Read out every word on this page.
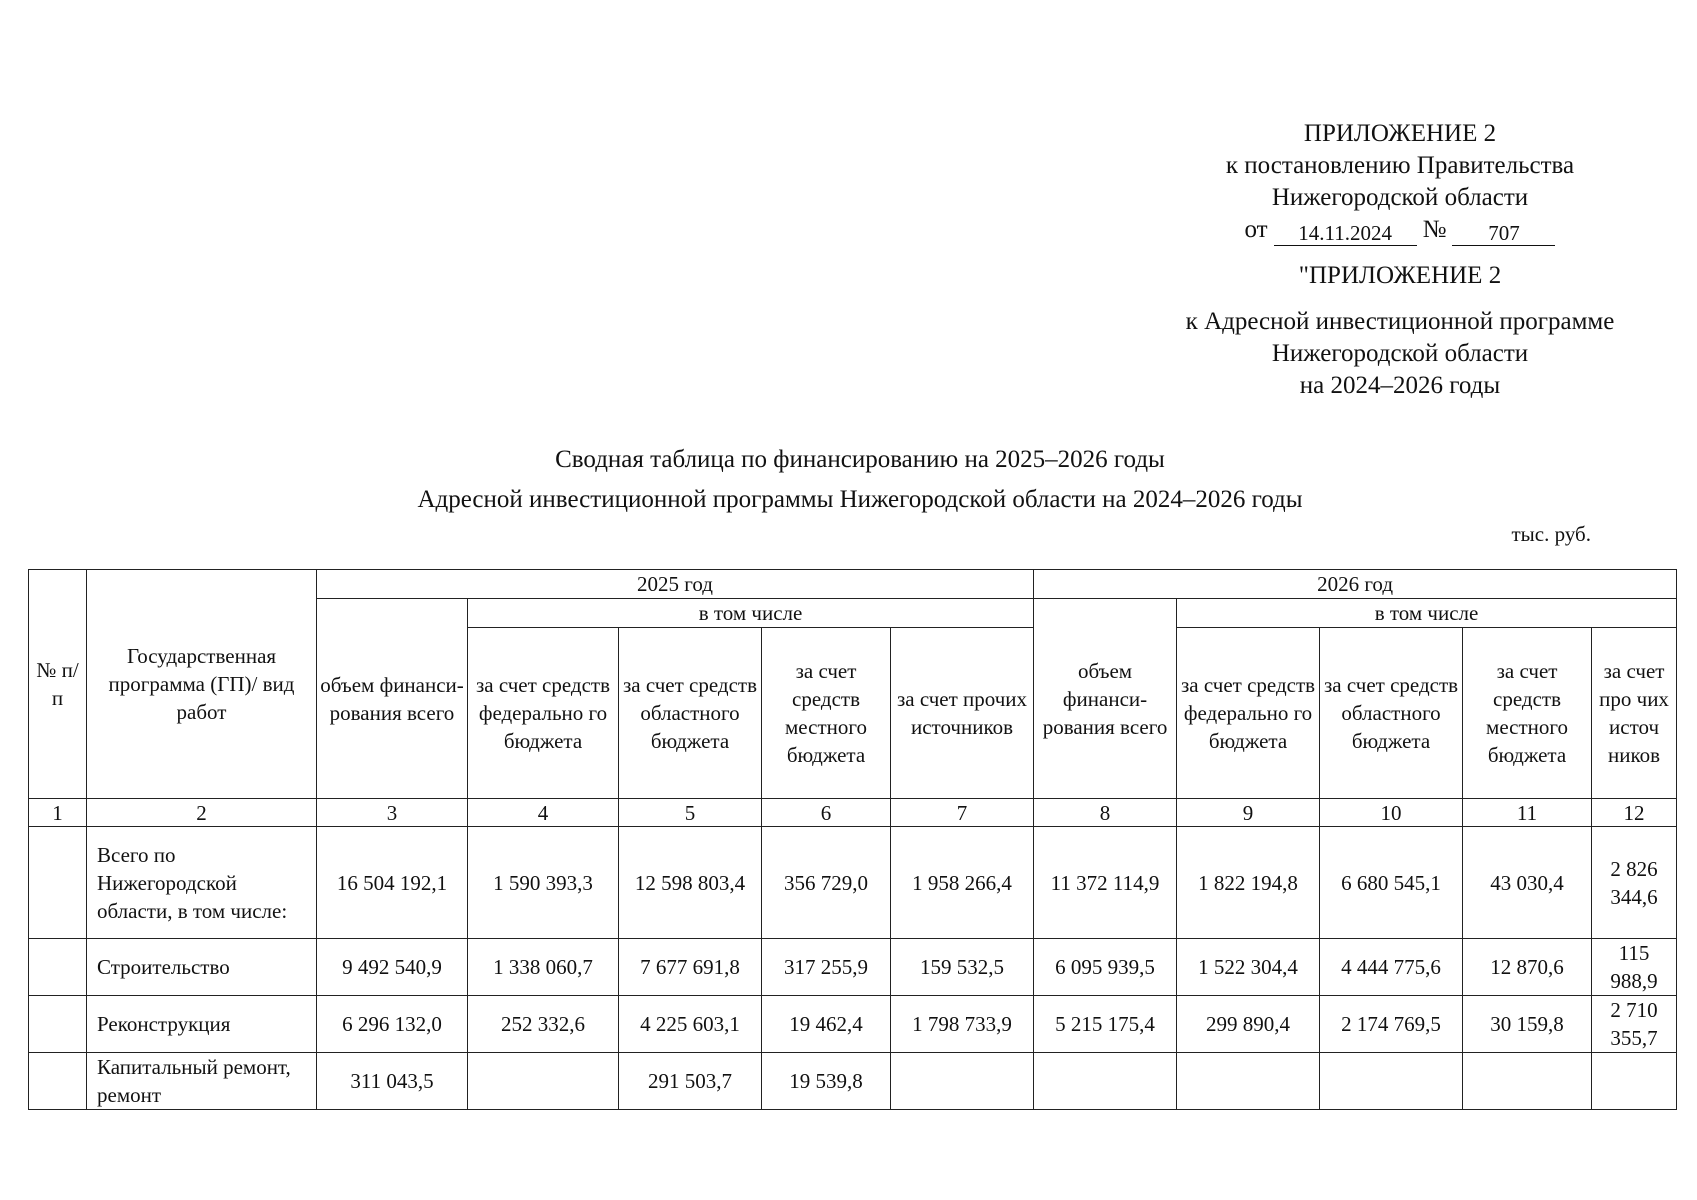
ПРИЛОЖЕНИЕ 2
к постановлению Правительства
Нижегородской области
от	14.11.2024	№	707
"ПРИЛОЖЕНИЕ 2
к Адресной инвестиционной программе
Нижегородской области
на 2024–2026 годы
Сводная таблица по финансированию на 2025–2026 годы
Адресной инвестиционной программы Нижегородской области на 2024–2026 годы
тыс. руб.
№ п/п	Государственная программа (ГП)/ вид работ	2025 год					2026 год				
		объем финанси-рования всего	в том числе				объем финанси-рования всего	в том числе			
			за счет средств федерально го бюджета	за счет средств областного бюджета	за счет средств местного бюджета	за счет прочих источников		за счет средств федерально го бюджета	за счет средств областного бюджета	за счет средств местного бюджета	за счет про чих источ ников
1	2	3	4	5	6	7	8	9	10	11	12
	Всего по Нижегородской области, в том числе:	16 504 192,1	1 590 393,3	12 598 803,4	356 729,0	1 958 266,4	11 372 114,9	1 822 194,8	6 680 545,1	43 030,4	2 826 344,6
	Строительство	9 492 540,9	1 338 060,7	7 677 691,8	317 255,9	159 532,5	6 095 939,5	1 522 304,4	4 444 775,6	12 870,6	115 988,9
	Реконструкция	6 296 132,0	252 332,6	4 225 603,1	19 462,4	1 798 733,9	5 215 175,4	299 890,4	2 174 769,5	30 159,8	2 710 355,7
	Капитальный ремонт, ремонт	311 043,5		291 503,7	19 539,8						
